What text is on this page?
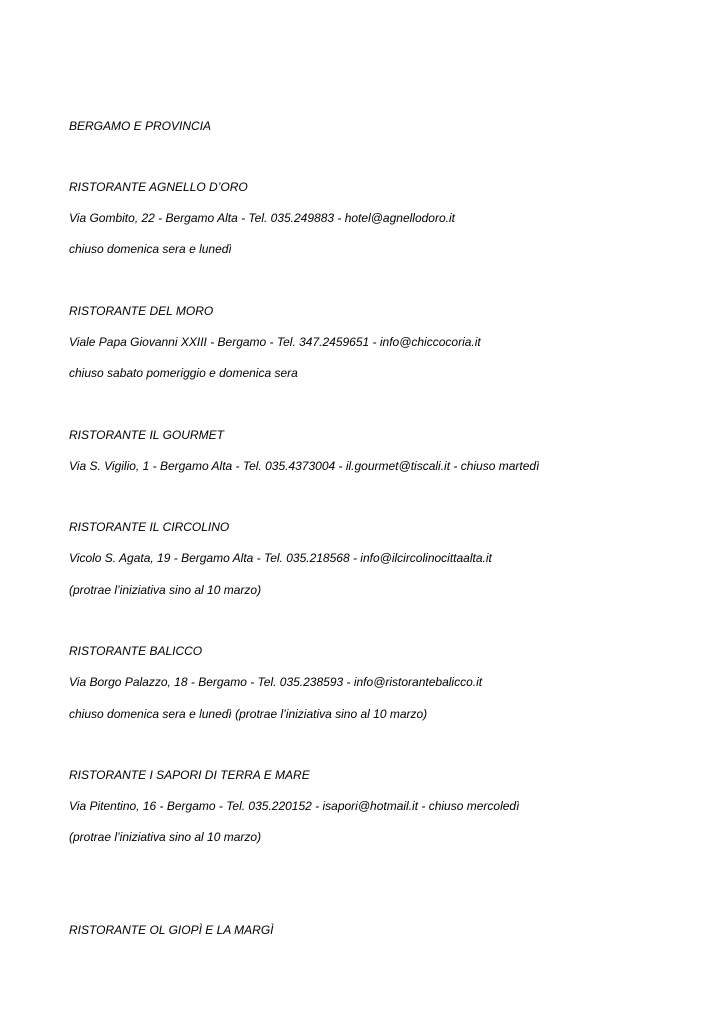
BERGAMO E PROVINCIA

RISTORANTE AGNELLO D’ORO

Via Gombito, 22 - Bergamo Alta - Tel. 035.249883 - hotel@agnellodoro.it

chiuso domenica sera e lunedì

RISTORANTE DEL MORO

Viale Papa Giovanni XXIII - Bergamo - Tel. 347.2459651 - info@chiccocoria.it

chiuso sabato pomeriggio e domenica sera

RISTORANTE IL GOURMET

Via S. Vigilio, 1 - Bergamo Alta - Tel. 035.4373004 - il.gourmet@tiscali.it - chiuso martedì

RISTORANTE IL CIRCOLINO

Vicolo S. Agata, 19 - Bergamo Alta - Tel. 035.218568 - info@ilcircolinocittaalta.it

(protrae l’iniziativa sino al 10 marzo)

RISTORANTE BALICCO

Via Borgo Palazzo, 18 - Bergamo - Tel. 035.238593 - info@ristorantebalicco.it

chiuso domenica sera e lunedì (protrae l’iniziativa sino al 10 marzo)

RISTORANTE I SAPORI DI TERRA E MARE

Via Pitentino, 16 - Bergamo - Tel. 035.220152 - isapori@hotmail.it - chiuso mercoledì

(protrae l’iniziativa sino al 10 marzo)

RISTORANTE OL GIOPÌ E LA MARGÌ
